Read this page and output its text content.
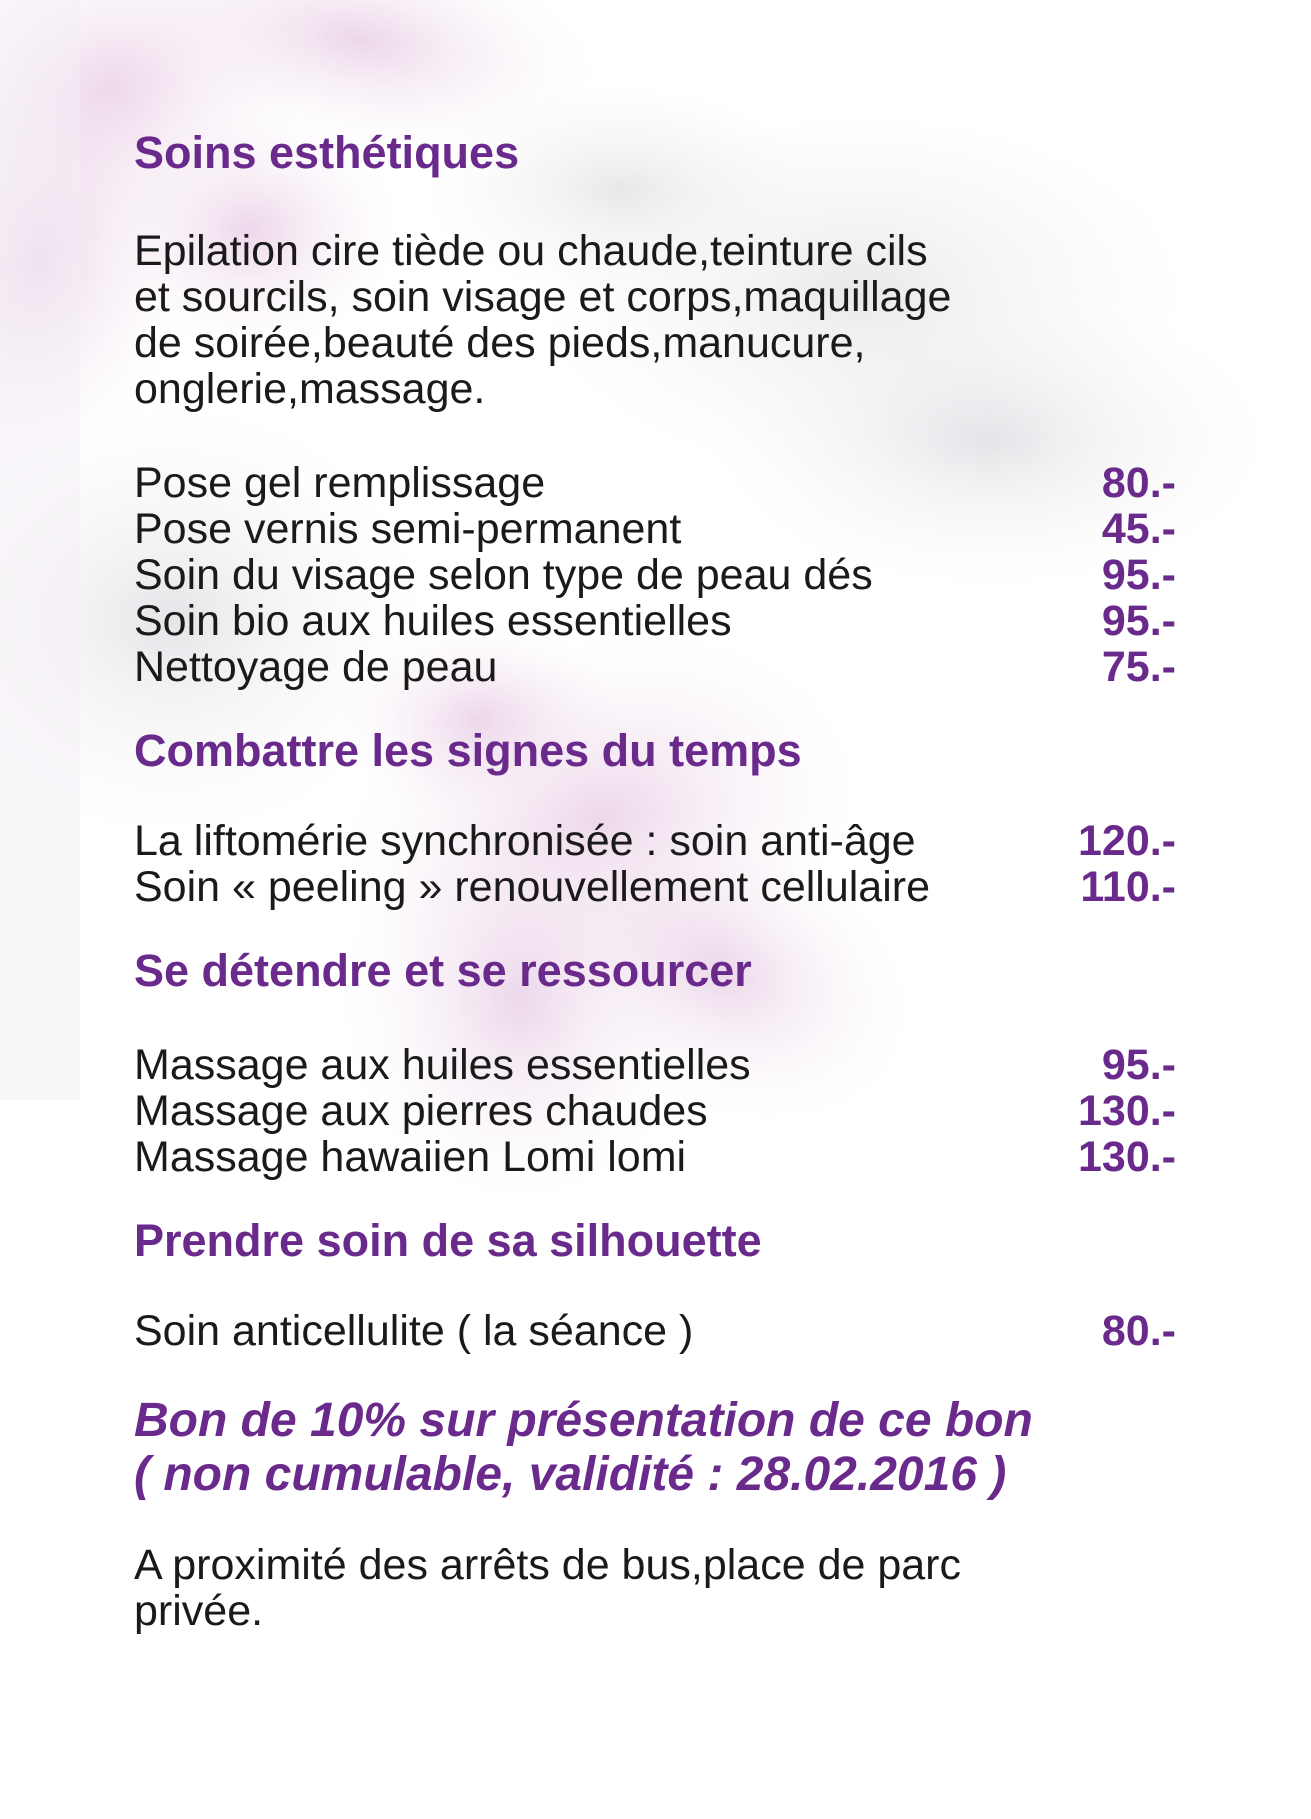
Soins esthétiques

Epilation cire tiède ou chaude,teinture cils
et sourcils, soin visage et corps,maquillage
de soirée,beauté des pieds,manucure,
onglerie,massage.

Pose gel remplissage	80.-
Pose vernis semi-permanent	45.-
Soin du visage selon type de peau dés	95.-
Soin bio aux huiles essentielles	95.-
Nettoyage de peau	75.-
Combattre les signes du temps
La liftomérie synchronisée : soin anti-âge	120.-
Soin « peeling » renouvellement cellulaire	110.-
Se détendre et se ressourcer
Massage aux huiles essentielles	95.-
Massage aux pierres chaudes	130.-
Massage hawaiien Lomi lomi	130.-
Prendre soin de sa silhouette
Soin anticellulite ( la séance )	80.-

Bon de 10% sur présentation de ce bon
( non cumulable, validité : 28.02.2016 )

A proximité des arrêts de bus,place de parc
privée.
